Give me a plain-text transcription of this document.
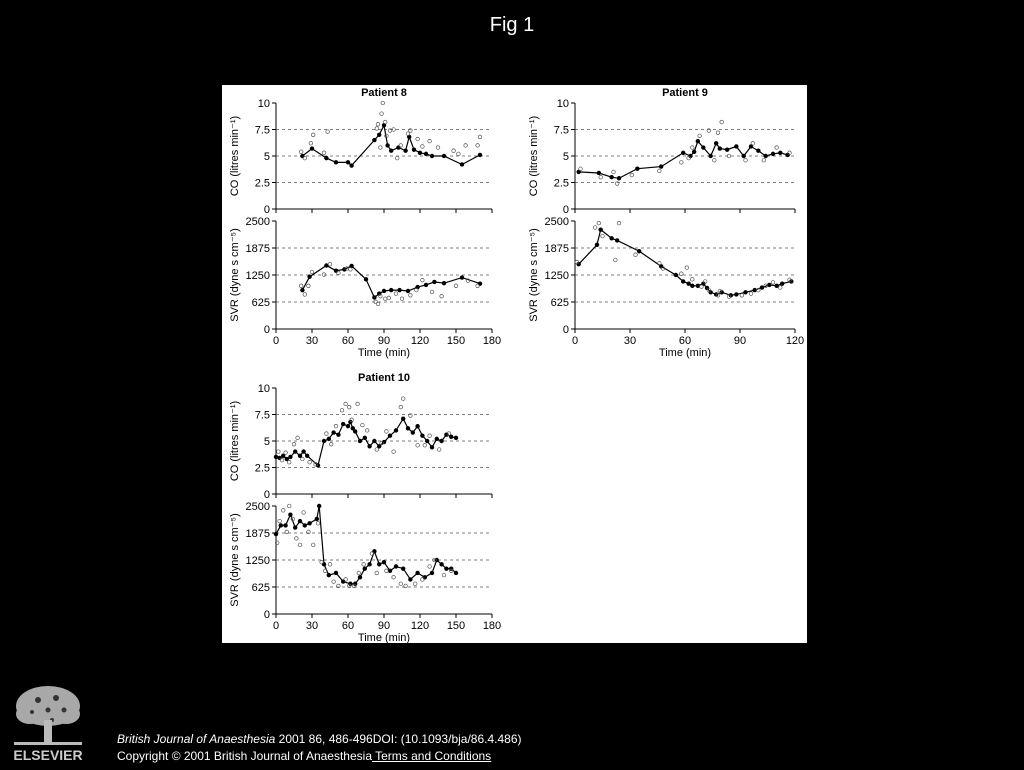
Fig 1
0
2.5
5
7.5
10
Patient 8
CO (litres min⁻¹)
0
625
1250
1875
2500
0 30 60 90 120 150 180
SVR (dyne s cm⁻⁵)
Time (min)
0
2.5
5
7.5
10
Patient 9
CO (litres min⁻¹)
0
625
1250
1875
2500
0	30	60	90	120
SVR (dyne s cm⁻⁵)
Time (min)
0
2.5
5
7.5
10
Patient 10
CO (litres min⁻¹)
0
625
1250
1875
2500
0 30 60 90 120 150 180
SVR (dyne s cm⁻⁵)
Time (min)
ELSEVIER
British Journal of Anaesthesia 2001 86, 486-496DOI: (10.1093/bja/86.4.486)
Copyright © 2001 British Journal of Anaesthesia Terms and Conditions
